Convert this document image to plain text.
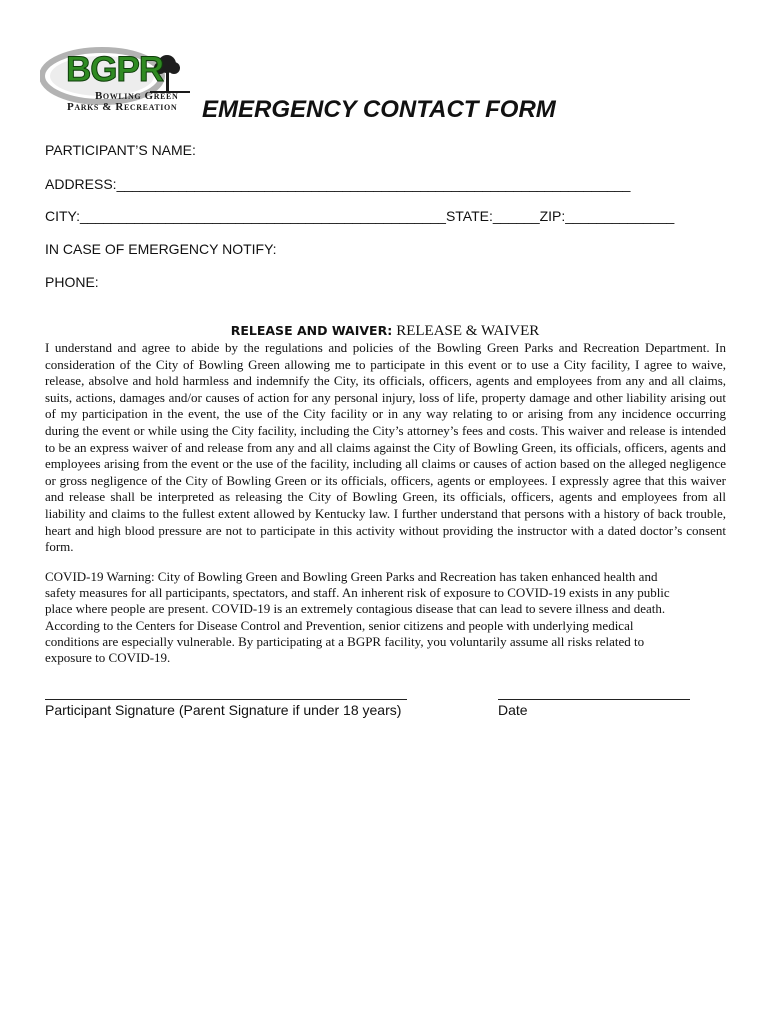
BGPR
Bowling Green
Parks & Recreation EMERGENCY CONTACT FORM
PARTICIPANT’S NAME:
ADDRESS:__________________________________________________________________
CITY:_______________________________________________STATE:______ZIP:______________
IN CASE OF EMERGENCY NOTIFY:
PHONE:
RELEASE AND WAIVER: RELEASE & WAIVER

I understand and agree to abide by the regulations and policies of the Bowling Green Parks and Recreation Department. In consideration of the City of Bowling Green allowing me to participate in this event or to use a City facility, I agree to waive, release, absolve and hold harmless and indemnify the City, its officials, officers, agents and employees from any and all claims, suits, actions, damages and/or causes of action for any personal injury, loss of life, property damage and other liability arising out of my participation in the event, the use of the City facility or in any way relating to or arising from any incidence occurring during the event or while using the City facility, including the City’s attorney’s fees and costs. This waiver and release is intended to be an express waiver of and release from any and all claims against the City of Bowling Green, its officials, officers, agents and employees arising from the event or the use of the facility, including all claims or causes of action based on the alleged negligence or gross negligence of the City of Bowling Green or its officials, officers, agents or employees. I expressly agree that this waiver and release shall be interpreted as releasing the City of Bowling Green, its officials, officers, agents and employees from all liability and claims to the fullest extent allowed by Kentucky law. I further understand that persons with a history of back trouble, heart and high blood pressure are not to participate in this activity without providing the instructor with a dated doctor’s consent form.

COVID-19 Warning: City of Bowling Green and Bowling Green Parks and Recreation has taken enhanced health and
safety measures for all participants, spectators, and staff. An inherent risk of exposure to COVID-19 exists in any public
place where people are present. COVID-19 is an extremely contagious disease that can lead to severe illness and death.
According to the Centers for Disease Control and Prevention, senior citizens and people with underlying medical
conditions are especially vulnerable. By participating at a BGPR facility, you voluntarily assume all risks related to
exposure to COVID-19.
Participant Signature (Parent Signature if under 18 years)	Date
